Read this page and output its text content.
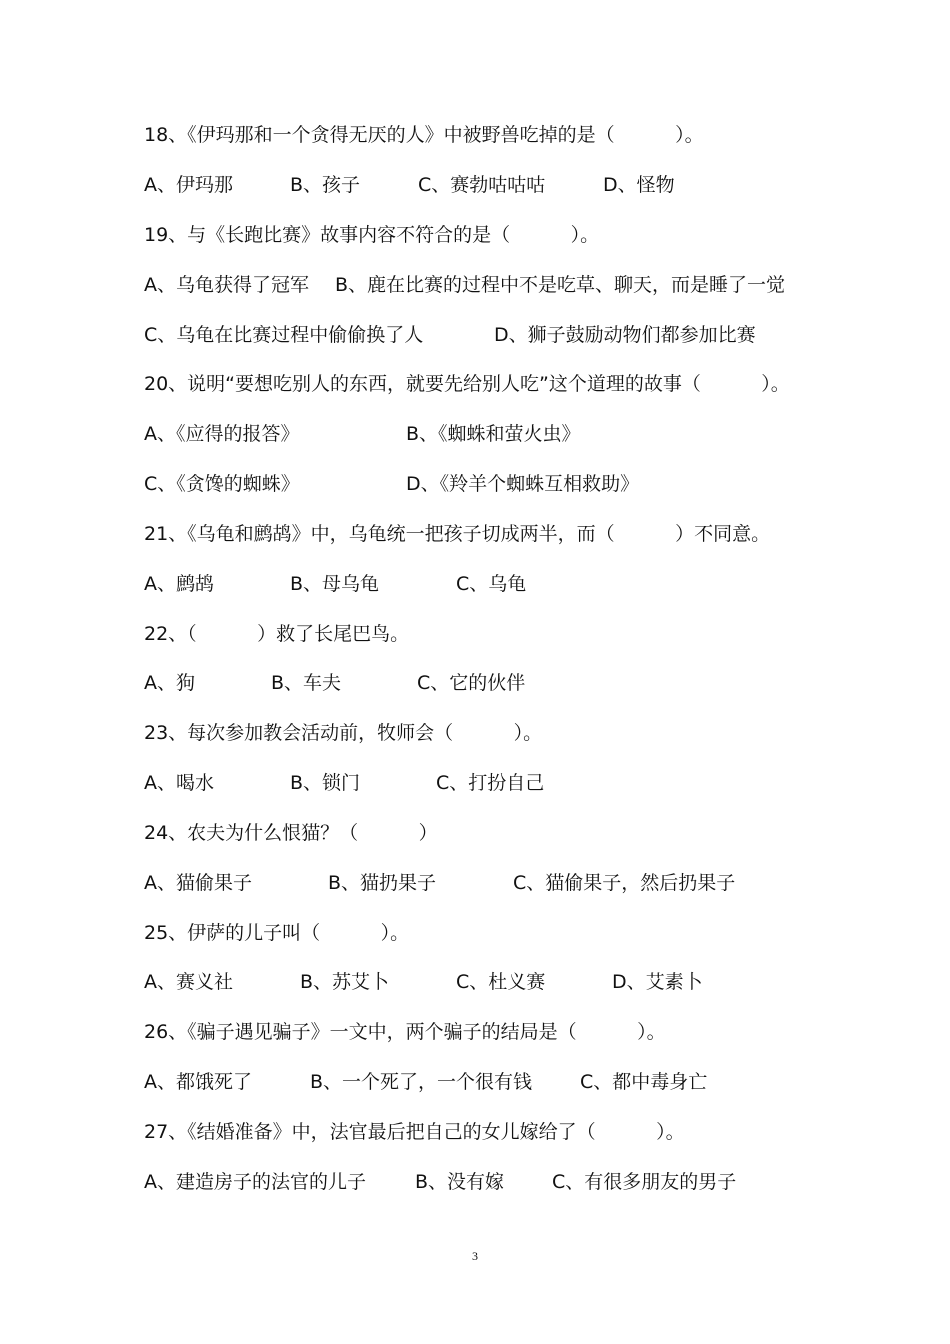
18、《伊玛那和一个贪得无厌的人》中被野兽吃掉的是（          ）。

A、伊玛那

	B、孩子

	C、赛勃咕咕咕

	D、怪物

19、与《长跑比赛》故事内容不符合的是（          ）。

A、乌龟获得了冠军

B、鹿在比赛的过程中不是吃草、聊天，而是睡了一觉

C、乌龟在比赛过程中偷偷换了人

	D、狮子鼓励动物们都参加比赛

20、说明“要想吃别人的东西，就要先给别人吃”这个道理的故事（          ）。

A、《应得的报答》

	B、《蜘蛛和萤火虫》

C、《贪馋的蜘蛛》

	D、《羚羊个蜘蛛互相救助》

21、《乌龟和鹧鸪》中，乌龟统一把孩子切成两半，而（          ）不同意。

A、鹧鸪

	B、母乌龟

	C、乌龟

22、（          ）救了长尾巴鸟。

A、狗

	B、车夫

	C、它的伙伴

23、每次参加教会活动前，牧师会（          ）。

A、喝水

	B、锁门

	C、打扮自己

24、农夫为什么恨猫？（          ）

A、猫偷果子

	B、猫扔果子

	C、猫偷果子，然后扔果子

25、伊萨的儿子叫（          ）。

A、赛义社

	B、苏艾卜

	C、杜义赛

	D、艾素卜

26、《骗子遇见骗子》一文中，两个骗子的结局是（          ）。

A、都饿死了

	B、一个死了，一个很有钱

	C、都中毒身亡

27、《结婚准备》中，法官最后把自己的女儿嫁给了（          ）。

A、建造房子的法官的儿子

	B、没有嫁

	C、有很多朋友的男子

3
